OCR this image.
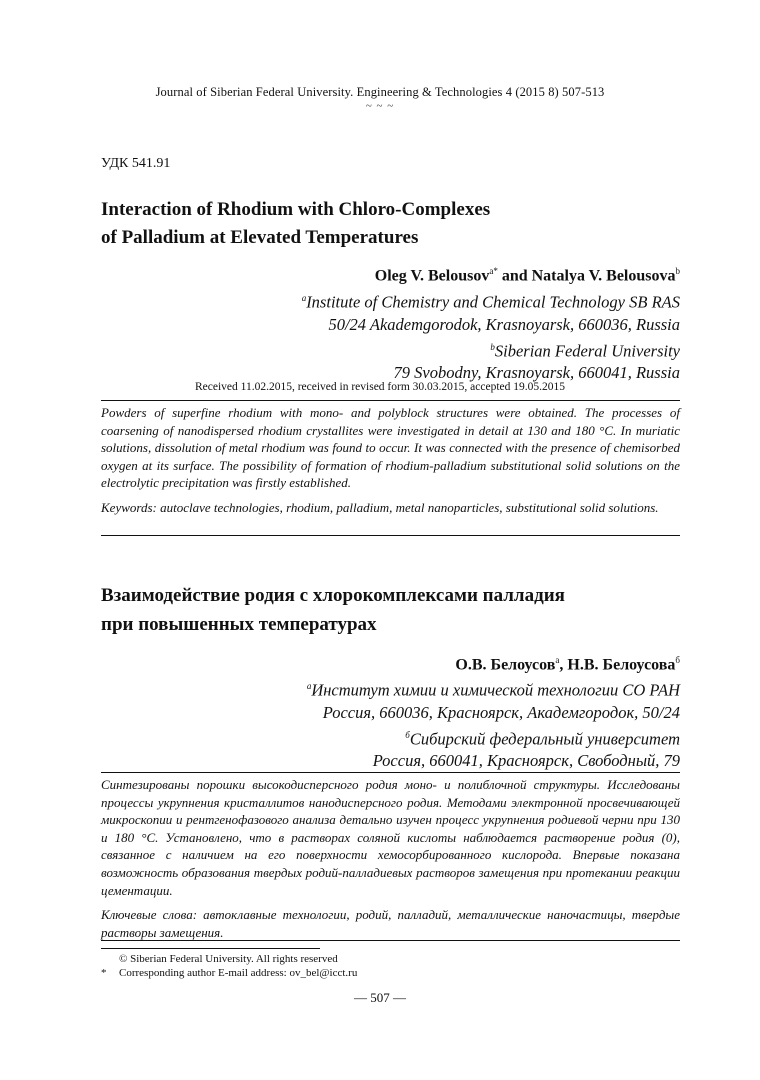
Journal of Siberian Federal University. Engineering & Technologies 4 (2015 8) 507-513
~ ~ ~
УДК 541.91
Interaction of Rhodium with Chloro-Complexes
of Palladium at Elevated Temperatures
Oleg V. Belousov$^{a*}$ and Natalya V. Belousova$^b$
$^a$Institute of Chemistry and Chemical Technology SB RAS
50/24 Akademgorodok, Krasnoyarsk, 660036, Russia
$^b$Siberian Federal University
79 Svobodny, Krasnoyarsk, 660041, Russia
Received 11.02.2015, received in revised form 30.03.2015, accepted 19.05.2015

Powders of superfine rhodium with mono- and polyblock structures were obtained. The processes of coarsening of nanodispersed rhodium crystallites were investigated in detail at 130 and 180 °C. In muriatic solutions, dissolution of metal rhodium was found to occur. It was connected with the presence of chemisorbed oxygen at its surface. The possibility of formation of rhodium-palladium substitutional solid solutions on the electrolytic precipitation was firstly established.

Keywords: autoclave technologies, rhodium, palladium, metal nanoparticles, substitutional solid solutions.

Взаимодействие родия с хлорокомплексами палладия
при повышенных температурах
О.В. Белоусов$^а$, Н.В. Белоусова$^б$
$^а$Институт химии и химической технологии СО РАН
Россия, 660036, Красноярск, Академгородок, 50/24
$^б$Сибирский федеральный университет
Россия, 660041, Красноярск, Свободный, 79

Синтезированы порошки высокодисперсного родия моно- и полиблочной структуры. Исследованы процессы укрупнения кристаллитов нанодисперсного родия. Методами электронной просвечивающей микроскопии и рентгенофазового анализа детально изучен процесс укрупнения родиевой черни при 130 и 180 °С. Установлено, что в растворах соляной кислоты наблюдается растворение родия (0), связанное с наличием на его поверхности хемосорбированного кислорода. Впервые показана возможность образования твердых родий-палладиевых растворов замещения при протекании реакции цементации.

Ключевые слова: автоклавные технологии, родий, палладий, металлические наночастицы, твердые растворы замещения.

© Siberian Federal University. All rights reserved
* Corresponding author E-mail address: ov_bel@icct.ru
― 507 ―
